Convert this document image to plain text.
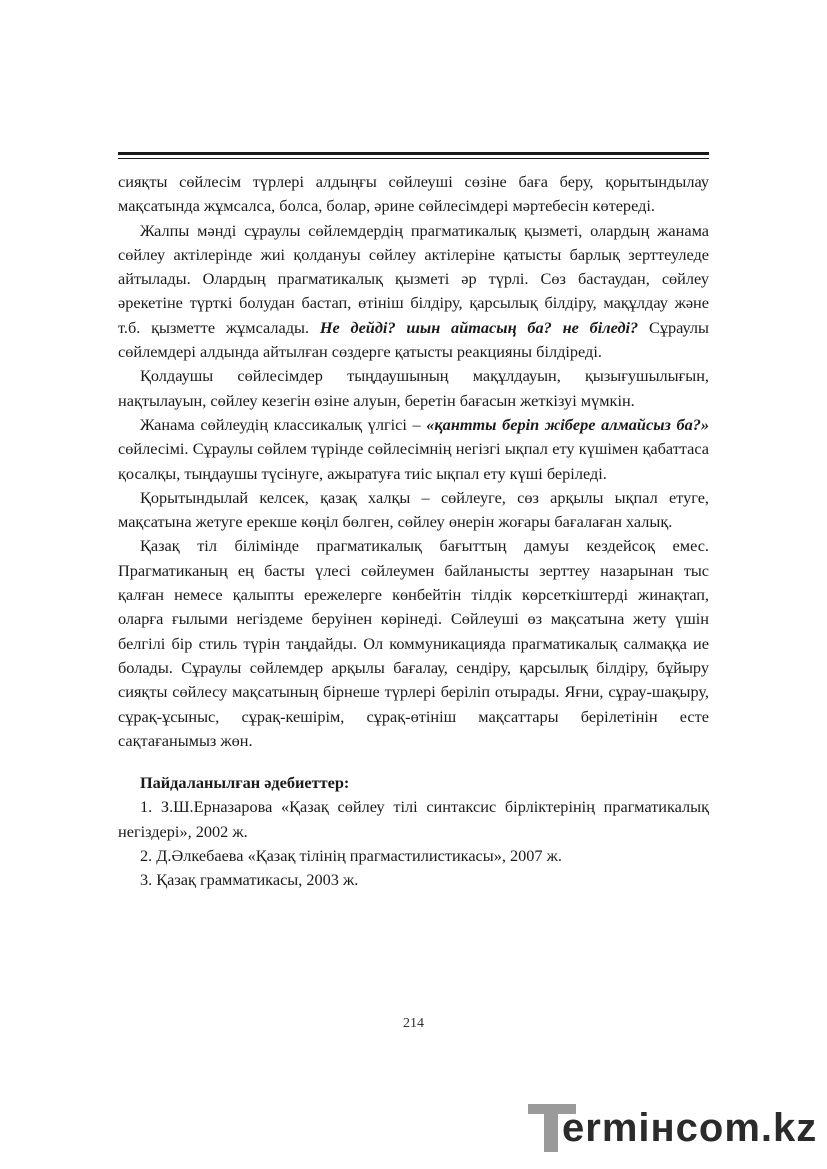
сияқты сөйлесім түрлері алдыңғы сөйлеуші сөзіне баға беру, қорытындылау мақсатында жұмсалса, болса, болар, әрине сөйлесімдері мәртебесін көтереді.

Жалпы мәнді сұраулы сөйлемдердің прагматикалық қызметі, олардың жанама сөйлеу актілерінде жиі қолдануы сөйлеу актілеріне қатысты барлық зерттеуледе айтылады. Олардың прагматикалық қызметі әр түрлі. Сөз бастаудан, сөйлеу әрекетіне түрткі болудан бастап, өтініш білдіру, қарсылық білдіру, мақұлдау және т.б. қызметте жұмсалады. Не дейді? шын айтасың ба? не біледі? Сұраулы сөйлемдері алдында айтылған сөздерге қатысты реакцияны білдіреді.

Қолдаушы сөйлесімдер тыңдаушының мақұлдауын, қызығушылығын, нақтылауын, сөйлеу кезегін өзіне алуын, беретін бағасын жеткізуі мүмкін.

Жанама сөйлеудің классикалық үлгісі – «қантты беріп жібере алмайсыз ба?» сөйлесімі. Сұраулы сөйлем түрінде сөйлесімнің негізгі ықпал ету күшімен қабаттаса қосалқы, тыңдаушы түсінуге, ажыратуға тиіс ықпал ету күші беріледі.

Қорытындылай келсек, қазақ халқы – сөйлеуге, сөз арқылы ықпал етуге, мақсатына жетуге ерекше көңіл бөлген, сөйлеу өнерін жоғары бағалаған халық.

Қазақ тіл білімінде прагматикалық бағыттың дамуы кездейсоқ емес. Прагматиканың ең басты үлесі сөйлеумен байланысты зерттеу назарынан тыс қалған немесе қалыпты ережелерге көнбейтін тілдік көрсеткіштерді жинақтап, оларға ғылыми негіздеме беруінен көрінеді. Сөйлеуші өз мақсатына жету үшін белгілі бір стиль түрін таңдайды. Ол коммуникацияда прагматикалық салмаққа ие болады. Сұраулы сөйлемдер арқылы бағалау, сендіру, қарсылық білдіру, бұйыру сияқты сөйлесу мақсатының бірнеше түрлері беріліп отырады. Яғни, сұрау-шақыру, сұрақ-ұсыныс, сұрақ-кешірім, сұрақ-өтініш мақсаттары берілетінін есте сақтағанымыз жөн.

Пайдаланылған әдебиеттер:

1. З.Ш.Ерназарова «Қазақ сөйлеу тілі синтаксис бірліктерінің прагматикалық негіздері», 2002 ж.

2. Д.Әлкебаева «Қазақ тілінің прагмастилистикасы», 2007 ж.

3. Қазақ грамматикасы, 2003 ж.

214
ermінcom.kz
